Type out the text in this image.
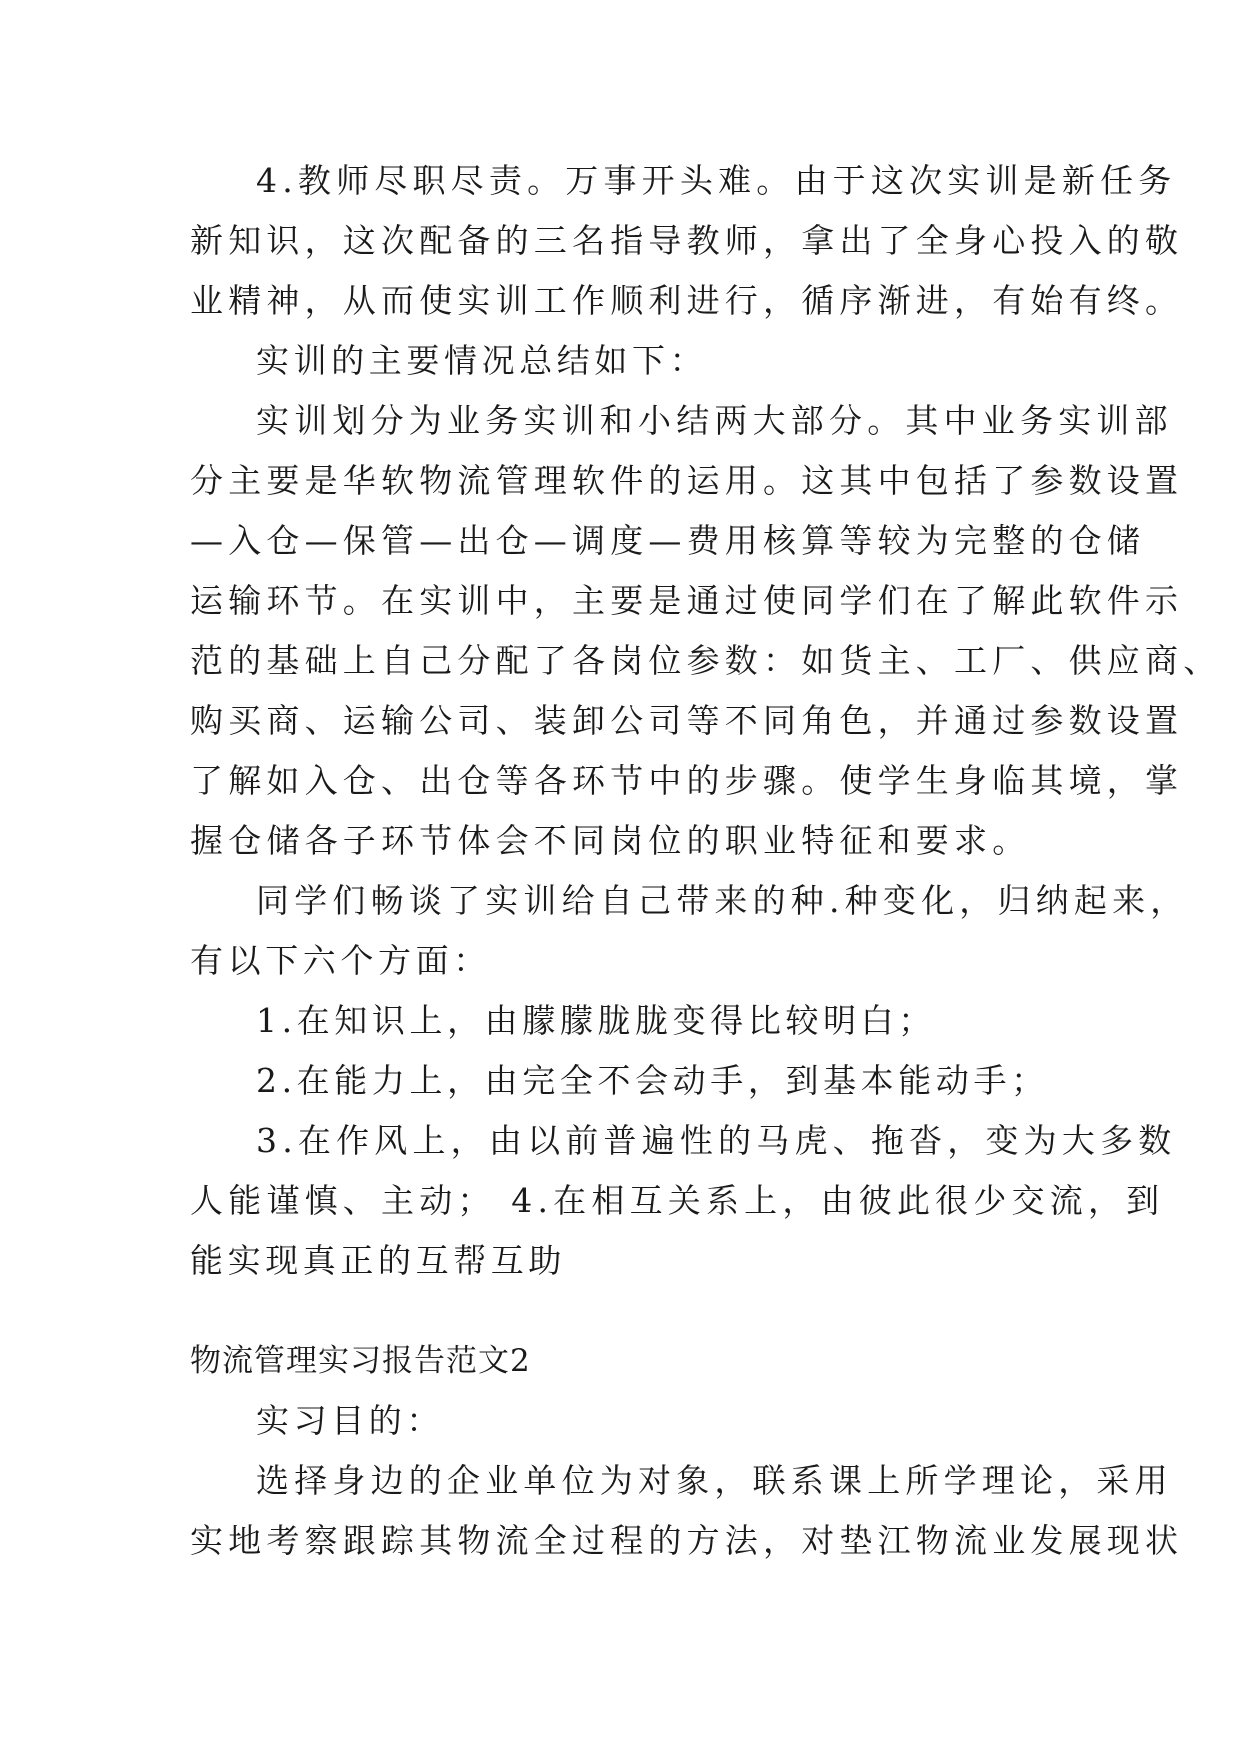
4.教师尽职尽责。万事开头难。由于这次实训是新任务
新知识，这次配备的三名指导教师，拿出了全身心投入的敬
业精神，从而使实训工作顺利进行，循序渐进，有始有终。
实训的主要情况总结如下：
实训划分为业务实训和小结两大部分。其中业务实训部
分主要是华软物流管理软件的运用。这其中包括了参数设置
—入仓—保管—出仓—调度—费用核算等较为完整的仓储
运输环节。在实训中，主要是通过使同学们在了解此软件示
范的基础上自己分配了各岗位参数：如货主、工厂、供应商、
购买商、运输公司、装卸公司等不同角色，并通过参数设置
了解如入仓、出仓等各环节中的步骤。使学生身临其境，掌
握仓储各子环节体会不同岗位的职业特征和要求。
同学们畅谈了实训给自己带来的种.种变化，归纳起来，
有以下六个方面：
1.在知识上，由朦朦胧胧变得比较明白；
2.在能力上，由完全不会动手，到基本能动手；
3.在作风上，由以前普遍性的马虎、拖沓，变为大多数
人能谨慎、主动； 4.在相互关系上，由彼此很少交流，到
能实现真正的互帮互助
物流管理实习报告范文2
实习目的：
选择身边的企业单位为对象，联系课上所学理论，采用
实地考察跟踪其物流全过程的方法，对垫江物流业发展现状
